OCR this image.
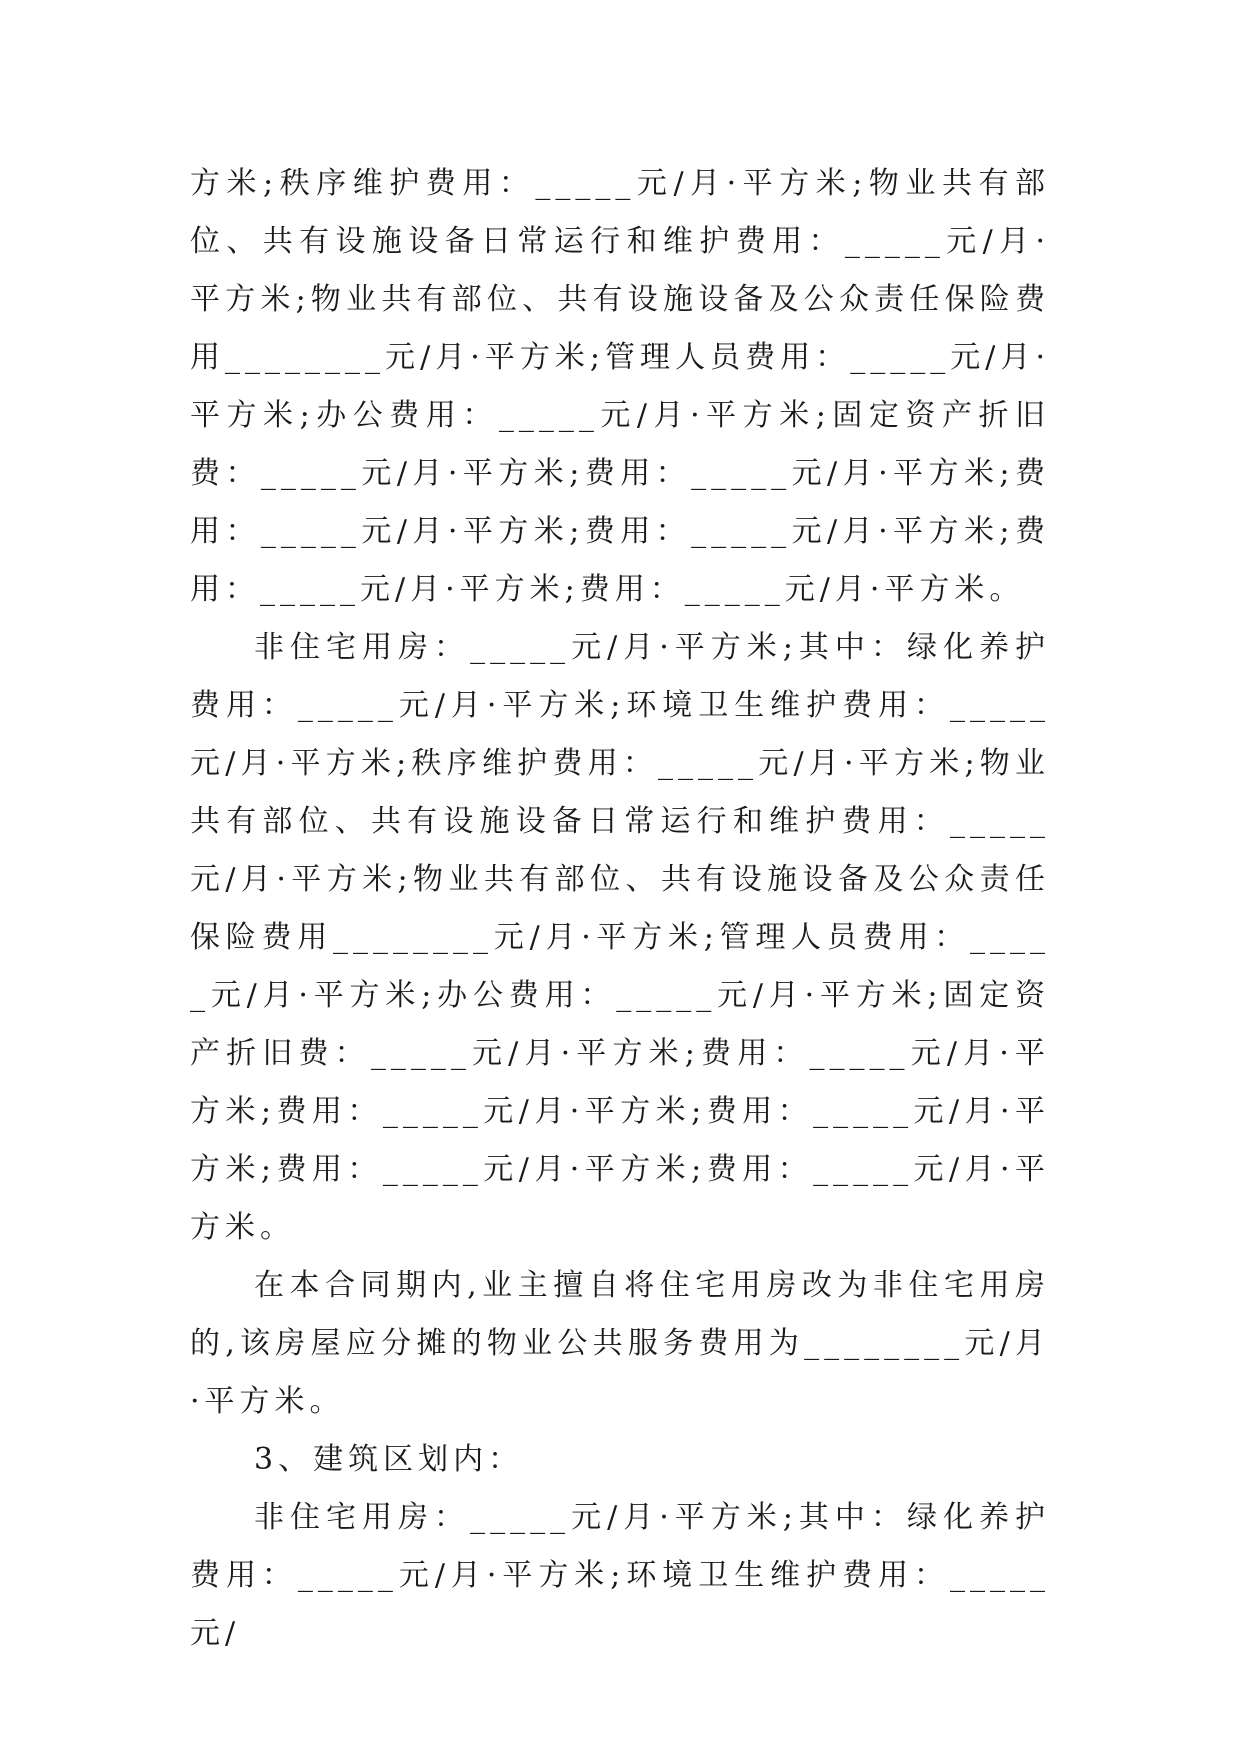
方米;秩序维护费用：_____元/月·平方米;物业共有部位、共有设施设备日常运行和维护费用：_____元/月·平方米;物业共有部位、共有设施设备及公众责任保险费用________元/月·平方米;管理人员费用：_____元/月·平方米;办公费用：_____元/月·平方米;固定资产折旧费：_____元/月·平方米;费用：_____元/月·平方米;费用：_____元/月·平方米;费用：_____元/月·平方米;费用：_____元/月·平方米;费用：_____元/月·平方米。

非住宅用房：_____元/月·平方米;其中：绿化养护费用：_____元/月·平方米;环境卫生维护费用：_____元/月·平方米;秩序维护费用：_____元/月·平方米;物业共有部位、共有设施设备日常运行和维护费用：_____元/月·平方米;物业共有部位、共有设施设备及公众责任保险费用________元/月·平方米;管理人员费用：_____元/月·平方米;办公费用：_____元/月·平方米;固定资产折旧费：_____元/月·平方米;费用：_____元/月·平方米;费用：_____元/月·平方米;费用：_____元/月·平方米;费用：_____元/月·平方米;费用：_____元/月·平方米。

在本合同期内,业主擅自将住宅用房改为非住宅用房的,该房屋应分摊的物业公共服务费用为________元/月·平方米。

3、建筑区划内：

非住宅用房：_____元/月·平方米;其中：绿化养护费用：_____元/月·平方米;环境卫生维护费用：_____元/
